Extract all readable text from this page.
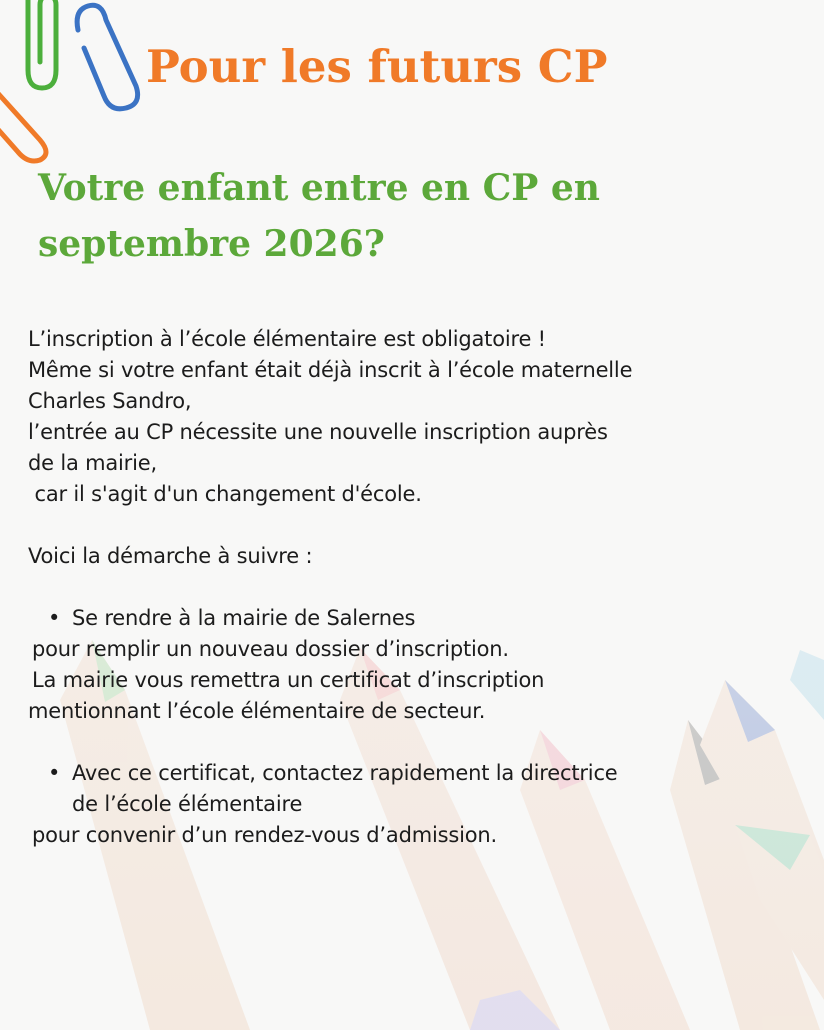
Pour les futurs CP
Votre enfant entre en CP en
septembre 2026?

L’inscription à l’école élémentaire est obligatoire !

Même si votre enfant était déjà inscrit à l’école maternelle

Charles Sandro,

l’entrée au CP nécessite une nouvelle inscription auprès

de la mairie,

car il s'agit d'un changement d'école.

Voici la démarche à suivre :

• Se rendre à la mairie de Salernes

pour remplir un nouveau dossier d’inscription.

La mairie vous remettra un certificat d’inscription

mentionnant l’école élémentaire de secteur.

• Avec ce certificat, contactez rapidement la directrice

de l’école élémentaire

pour convenir d’un rendez-vous d’admission.
